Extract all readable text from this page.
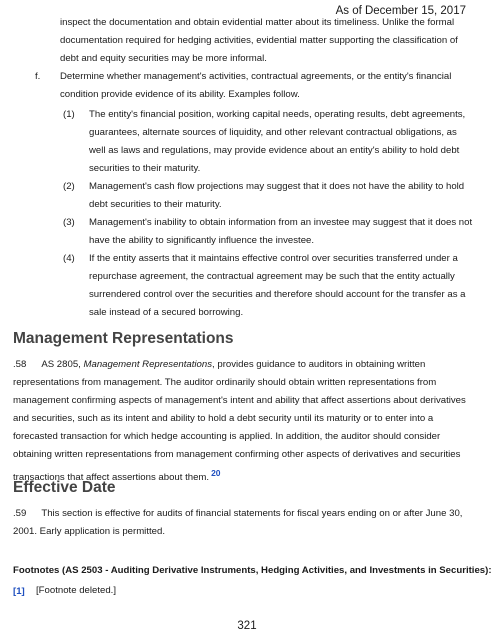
As of December 15, 2017
inspect the documentation and obtain evidential matter about its timeliness. Unlike the formal documentation required for hedging activities, evidential matter supporting the classification of debt and equity securities may be more informal.
f. Determine whether management's activities, contractual agreements, or the entity's financial condition provide evidence of its ability. Examples follow.
(1) The entity's financial position, working capital needs, operating results, debt agreements, guarantees, alternate sources of liquidity, and other relevant contractual obligations, as well as laws and regulations, may provide evidence about an entity's ability to hold debt securities to their maturity.
(2) Management's cash flow projections may suggest that it does not have the ability to hold debt securities to their maturity.
(3) Management's inability to obtain information from an investee may suggest that it does not have the ability to significantly influence the investee.
(4) If the entity asserts that it maintains effective control over securities transferred under a repurchase agreement, the contractual agreement may be such that the entity actually surrendered control over the securities and therefore should account for the transfer as a sale instead of a secured borrowing.
Management Representations
.58 AS 2805, Management Representations, provides guidance to auditors in obtaining written representations from management. The auditor ordinarily should obtain written representations from management confirming aspects of management's intent and ability that affect assertions about derivatives and securities, such as its intent and ability to hold a debt security until its maturity or to enter into a forecasted transaction for which hedge accounting is applied. In addition, the auditor should consider obtaining written representations from management confirming other aspects of derivatives and securities transactions that affect assertions about them. 20
Effective Date
.59 This section is effective for audits of financial statements for fiscal years ending on or after June 30, 2001. Early application is permitted.
Footnotes (AS 2503 - Auditing Derivative Instruments, Hedging Activities, and Investments in Securities):
[1] [Footnote deleted.]
321
